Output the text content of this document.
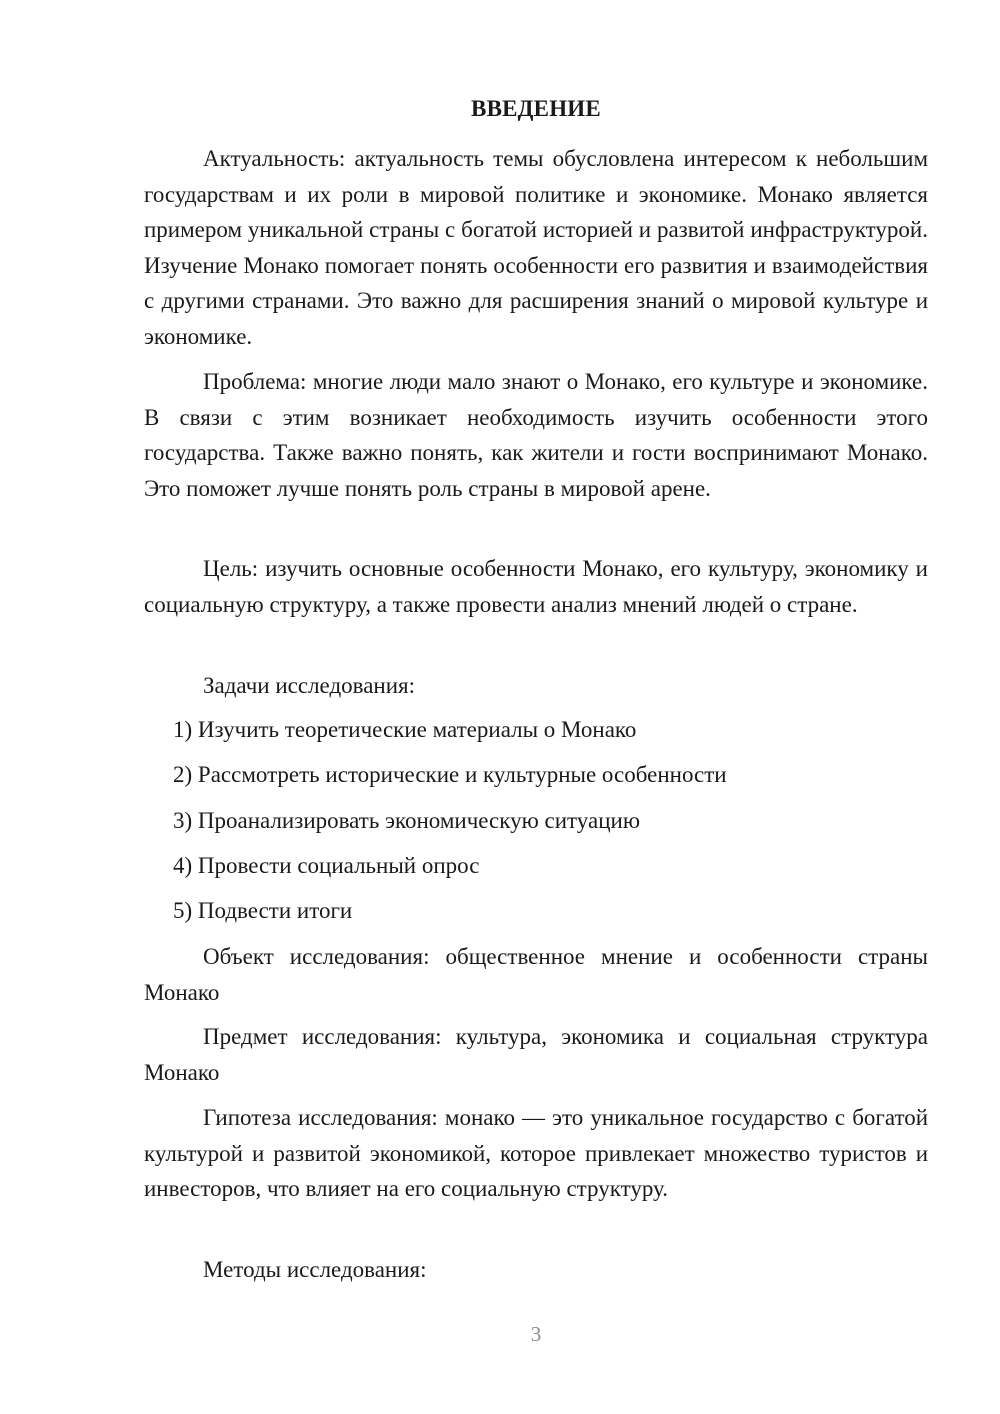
ВВЕДЕНИЕ

Актуальность: актуальность темы обусловлена интересом к небольшим государствам и их роли в мировой политике и экономике. Монако является примером уникальной страны с богатой историей и развитой инфраструктурой. Изучение Монако помогает понять особенности его развития и взаимодействия с другими странами. Это важно для расширения знаний о мировой культуре и экономике.

Проблема: многие люди мало знают о Монако, его культуре и экономике. В связи с этим возникает необходимость изучить особенности этого государства. Также важно понять, как жители и гости воспринимают Монако. Это поможет лучше понять роль страны в мировой арене.

Цель: изучить основные особенности Монако, его культуру, экономику и социальную структуру, а также провести анализ мнений людей о стране.

Задачи исследования:

1) Изучить теоретические материалы о Монако

2) Рассмотреть исторические и культурные особенности

3) Проанализировать экономическую ситуацию

4) Провести социальный опрос

5) Подвести итоги

Объект исследования: общественное мнение и особенности страны Монако

Предмет исследования: культура, экономика и социальная структура Монако

Гипотеза исследования: монако — это уникальное государство с богатой культурой и развитой экономикой, которое привлекает множество туристов и инвесторов, что влияет на его социальную структуру.

Методы исследования:

3
